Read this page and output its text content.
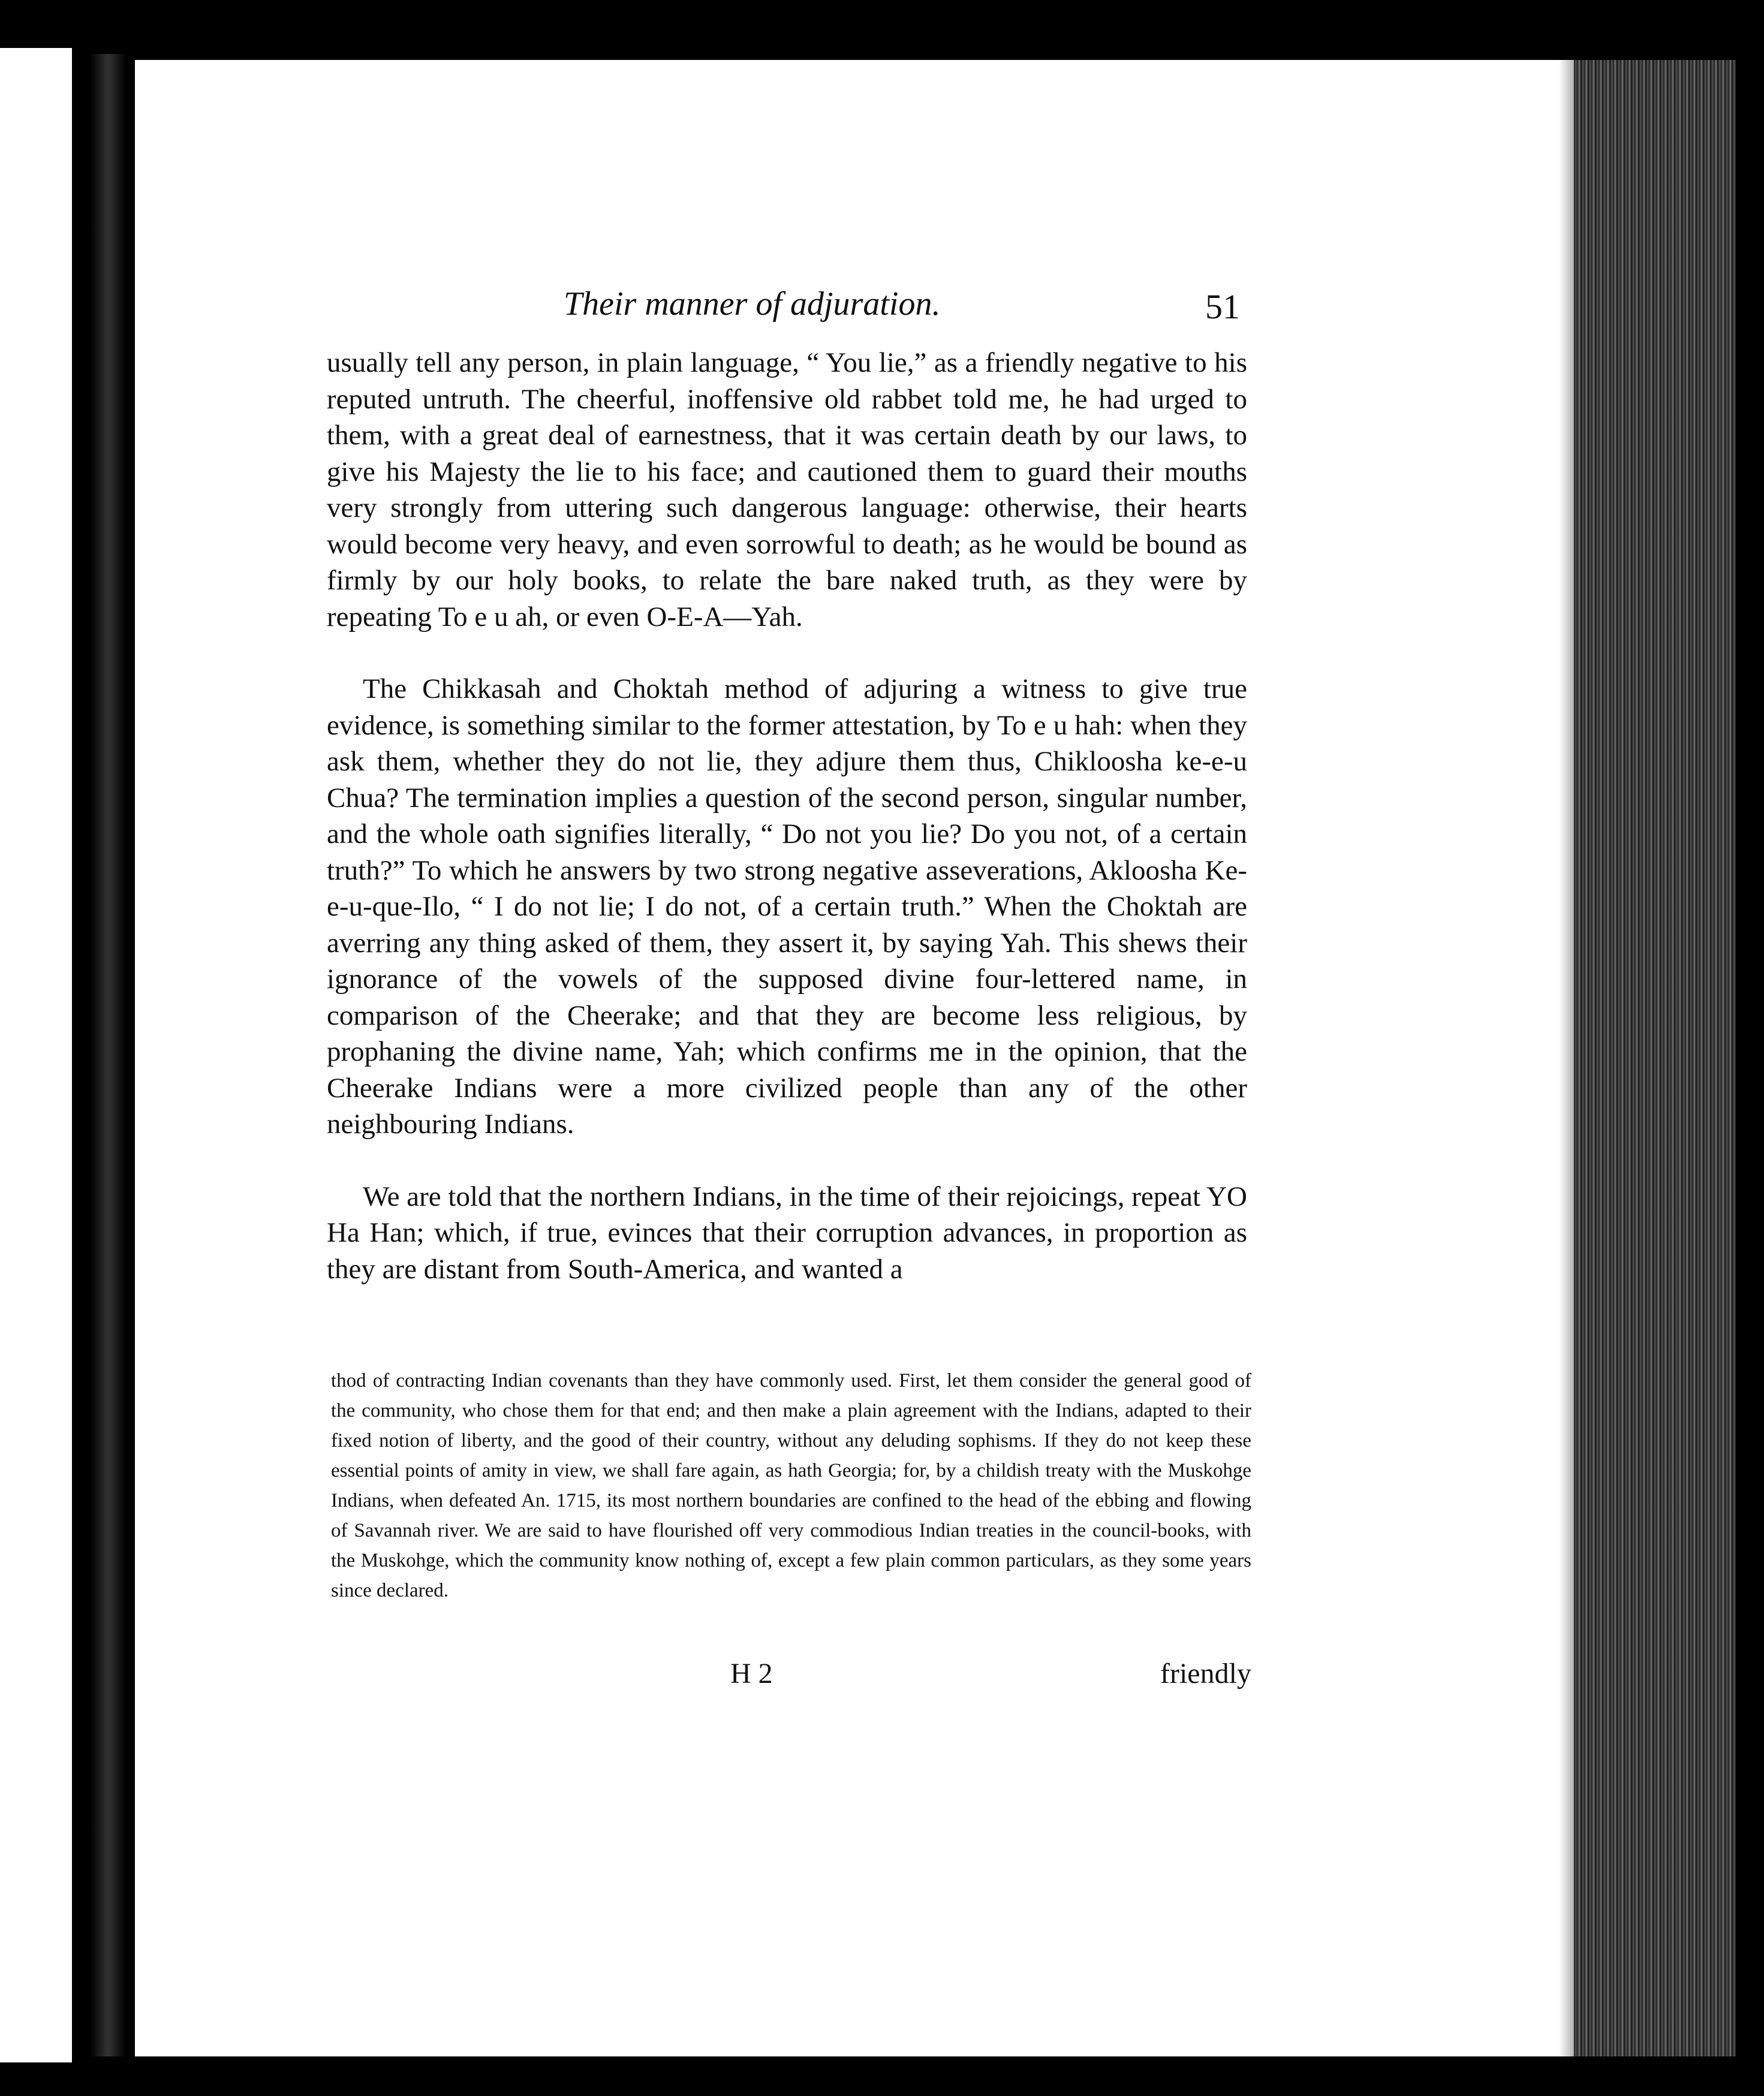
Their manner of adjuration.	51

usually tell any person, in plain language, “ You lie,” as a friendly negative to his reputed untruth. The cheerful, inoffensive old rabbet told me, he had urged to them, with a great deal of earnestness, that it was certain death by our laws, to give his Majesty the lie to his face; and cautioned them to guard their mouths very strongly from uttering such dangerous language: otherwise, their hearts would become very heavy, and even sorrowful to death; as he would be bound as firmly by our holy books, to relate the bare naked truth, as they were by repeating To e u ah, or even O-E-A—Yah.

The Chikkasah and Choktah method of adjuring a witness to give true evidence, is something similar to the former attestation, by To e u hah: when they ask them, whether they do not lie, they adjure them thus, Chikloosha ke-e-u Chua? The termination implies a question of the second person, singular number, and the whole oath signifies literally, “ Do not you lie? Do you not, of a certain truth?” To which he answers by two strong negative asseverations, Akloosha Ke-e-u-que-Ilo, “ I do not lie; I do not, of a certain truth.” When the Choktah are averring any thing asked of them, they assert it, by saying Yah. This shews their ignorance of the vowels of the supposed divine four-lettered name, in comparison of the Cheerake; and that they are become less religious, by prophaning the divine name, Yah; which confirms me in the opinion, that the Cheerake Indians were a more civilized people than any of the other neighbouring Indians.

We are told that the northern Indians, in the time of their rejoicings, repeat YO Ha Han; which, if true, evinces that their corruption advances, in proportion as they are distant from South-America, and wanted a

thod of contracting Indian covenants than they have commonly used. First, let them consider the general good of the community, who chose them for that end; and then make a plain agreement with the Indians, adapted to their fixed notion of liberty, and the good of their country, without any deluding sophisms. If they do not keep these essential points of amity in view, we shall fare again, as hath Georgia; for, by a childish treaty with the Muskohge Indians, when defeated An. 1715, its most northern boundaries are confined to the head of the ebbing and flowing of Savannah river. We are said to have flourished off very commodious Indian treaties in the council-books, with the Muskohge, which the community know nothing of, except a few plain common particulars, as they some years since declared.
H 2	friendly
